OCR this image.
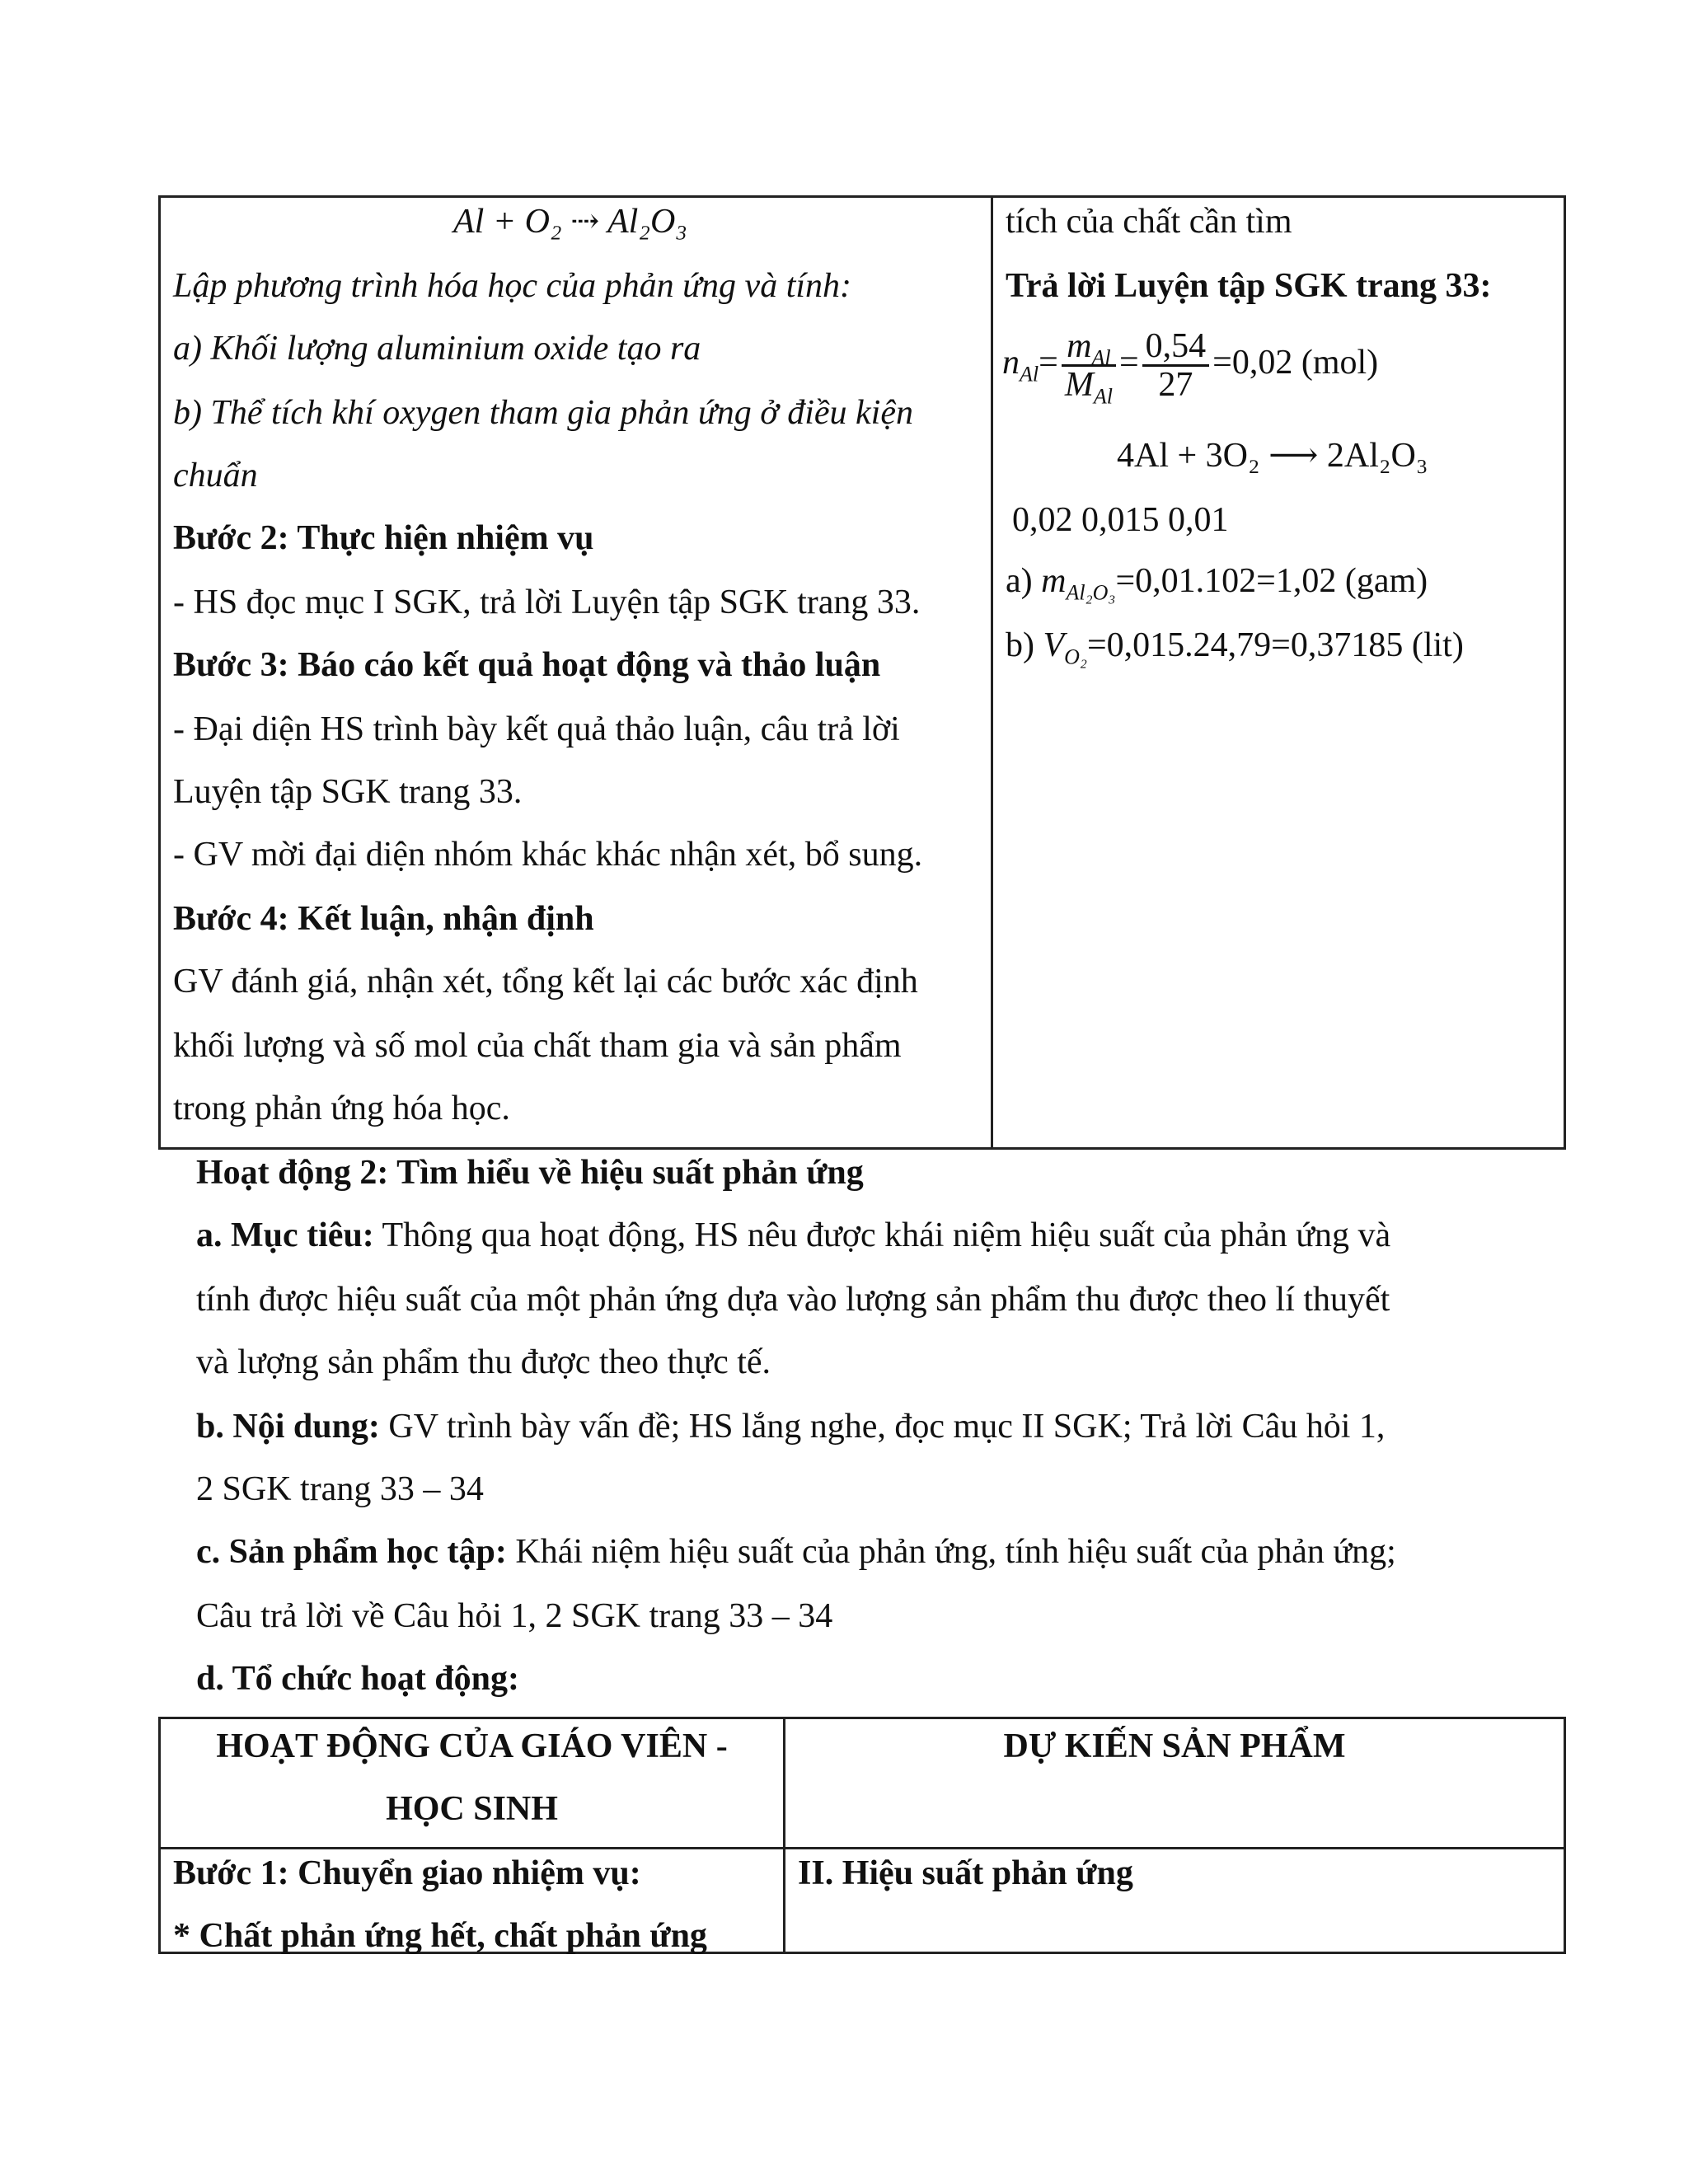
Al + O₂ ⇢ Al₂O₃
Lập phương trình hóa học của phản ứng và tính:
a) Khối lượng aluminium oxide tạo ra
b) Thể tích khí oxygen tham gia phản ứng ở điều kiện
chuẩn
Bước 2: Thực hiện nhiệm vụ
- HS đọc mục I SGK, trả lời Luyện tập SGK trang 33.
Bước 3: Báo cáo kết quả hoạt động và thảo luận
- Đại diện HS trình bày kết quả thảo luận, câu trả lời
Luyện tập SGK trang 33.
- GV mời đại diện nhóm khác khác nhận xét, bổ sung.
Bước 4: Kết luận, nhận định
GV đánh giá, nhận xét, tổng kết lại các bước xác định
khối lượng và số mol của chất tham gia và sản phẩm
trong phản ứng hóa học.
tích của chất cần tìm
Trả lời Luyện tập SGK trang 33:
$n_{Al}= \frac{m_{Al}}{M_{Al}} = \frac{0,54}{27} =0,02$ (mol)
4Al + 3O₂ ⟶ 2Al₂O₃
0,02 0,015 0,01
a) $m_{Al_2O_3}=0,01.102=1,02$ (gam)
b) $V_{O_2}=0,015.24,79=0,37185$ (lit)
Hoạt động 2: Tìm hiểu về hiệu suất phản ứng
a. Mục tiêu: Thông qua hoạt động, HS nêu được khái niệm hiệu suất của phản ứng và
tính được hiệu suất của một phản ứng dựa vào lượng sản phẩm thu được theo lí thuyết
và lượng sản phẩm thu được theo thực tế.
b. Nội dung: GV trình bày vấn đề; HS lắng nghe, đọc mục II SGK; Trả lời Câu hỏi 1,
2 SGK trang 33 – 34
c. Sản phẩm học tập: Khái niệm hiệu suất của phản ứng, tính hiệu suất của phản ứng;
Câu trả lời về Câu hỏi 1, 2 SGK trang 33 – 34
d. Tổ chức hoạt động:
HOẠT ĐỘNG CỦA GIÁO VIÊN -
HỌC SINH
DỰ KIẾN SẢN PHẨM
Bước 1: Chuyển giao nhiệm vụ:
* Chất phản ứng hết, chất phản ứng
II. Hiệu suất phản ứng
